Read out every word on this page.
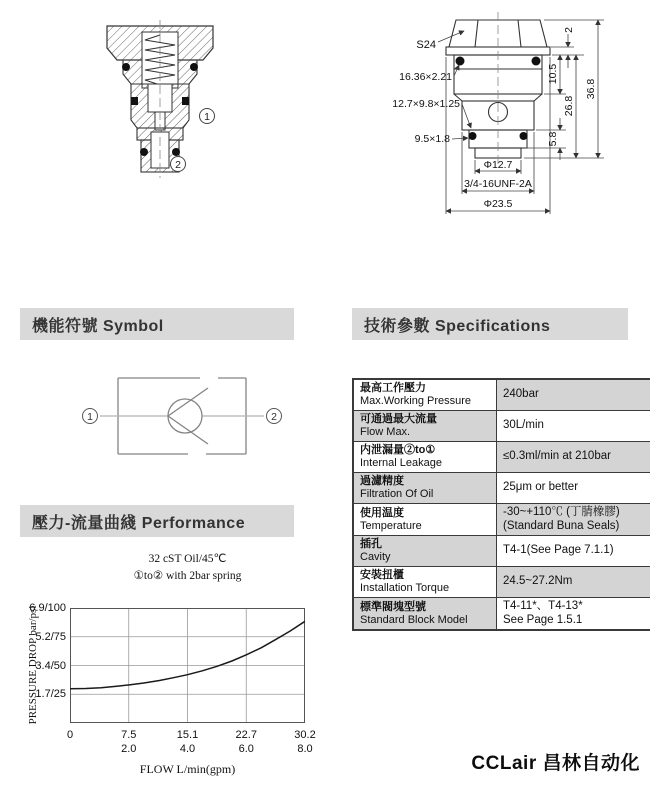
1
2
2
10.5
5.8
26.8
36.8
S24
16.36×2.21
12.7×9.8×1.25
9.5×1.8
Φ12.7
3/4-16UNF-2A
Φ23.5
機能符號 Symbol	技術參數 Specifications
壓力-流量曲綫 Performance
1	2
最高工作壓力
Max.Working Pressure	240bar

可通過最大流量
Flow Max.	30L/min

内泄漏量②to①
Internal Leakage	≤0.3ml/min at 210bar

過濾精度
Filtration Of Oil	25μm or better

使用温度
Temperature	-30~+110℃ (丁腈橡膠)
(Standard Buna Seals)

插孔
Cavity	T4-1(See Page 7.1.1)

安裝扭櫃
Installation Torque	24.5~27.2Nm

標準閥塊型號
Standard Block Model	T4-11*、T4-13*
See Page 1.5.1
32 cST Oil/45℃
①to② with 2bar spring
PRESSURE DROP bar/psi
FLOW L/min(gpm)
6.9/100
5.2/75
3.4/50
1.7/25
0	7.5	15.1	22.7	30.2
2.0	4.0	6.0	8.0
CCLair 昌林自动化
